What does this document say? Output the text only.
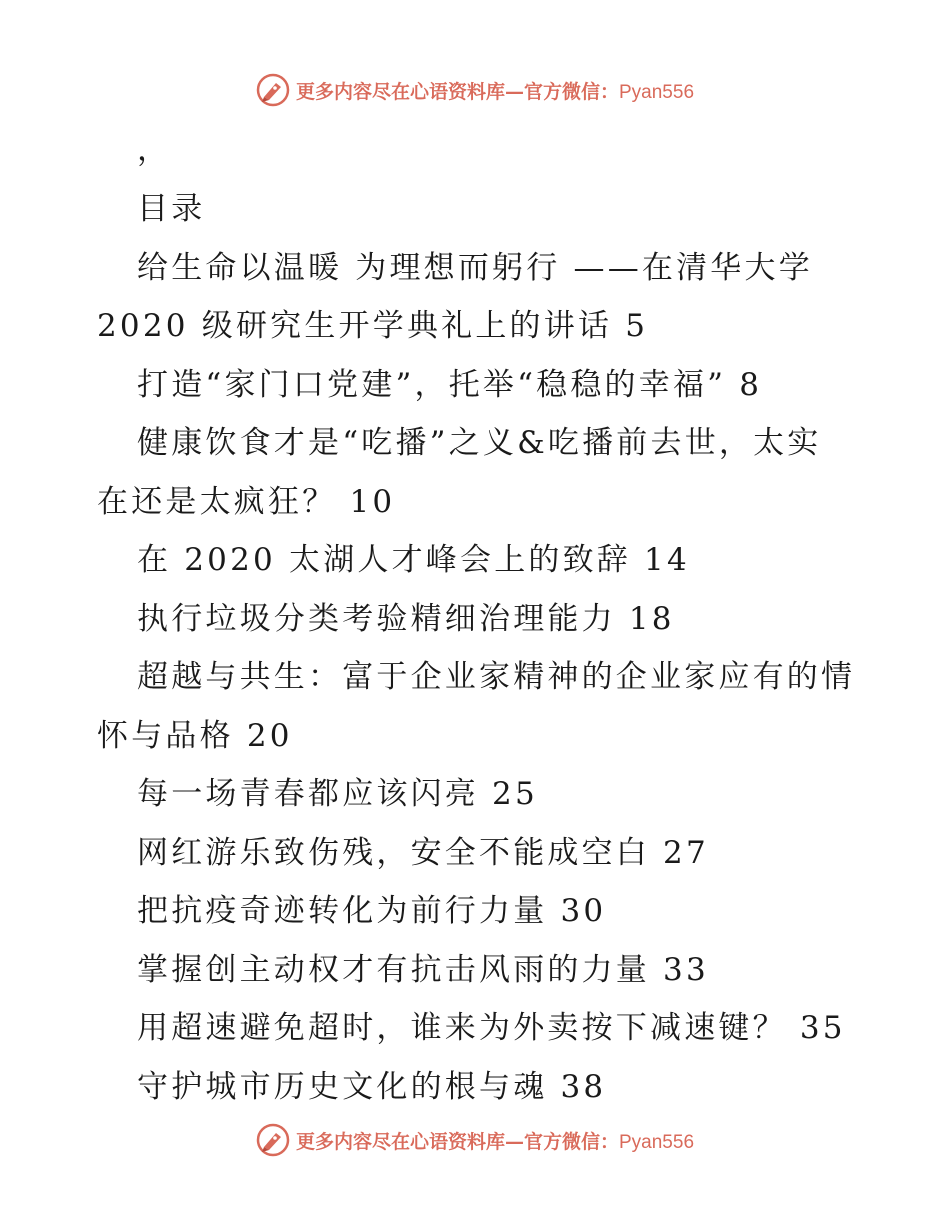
更多内容尽在心语资料库—官方微信：Pyan556
，
目录
给生命以温暖 为理想而躬行 ——在清华大学
2020 级研究生开学典礼上的讲话 5
打造“家门口党建”，托举“稳稳的幸福” 8
健康饮食才是“吃播”之义&吃播前去世，太实
在还是太疯狂？ 10
在 2020 太湖人才峰会上的致辞 14
执行垃圾分类考验精细治理能力 18
超越与共生：富于企业家精神的企业家应有的情
怀与品格 20
每一场青春都应该闪亮 25
网红游乐致伤残，安全不能成空白 27
把抗疫奇迹转化为前行力量 30
掌握创主动权才有抗击风雨的力量 33
用超速避免超时，谁来为外卖按下减速键？ 35
守护城市历史文化的根与魂 38
更多内容尽在心语资料库—官方微信：Pyan556
